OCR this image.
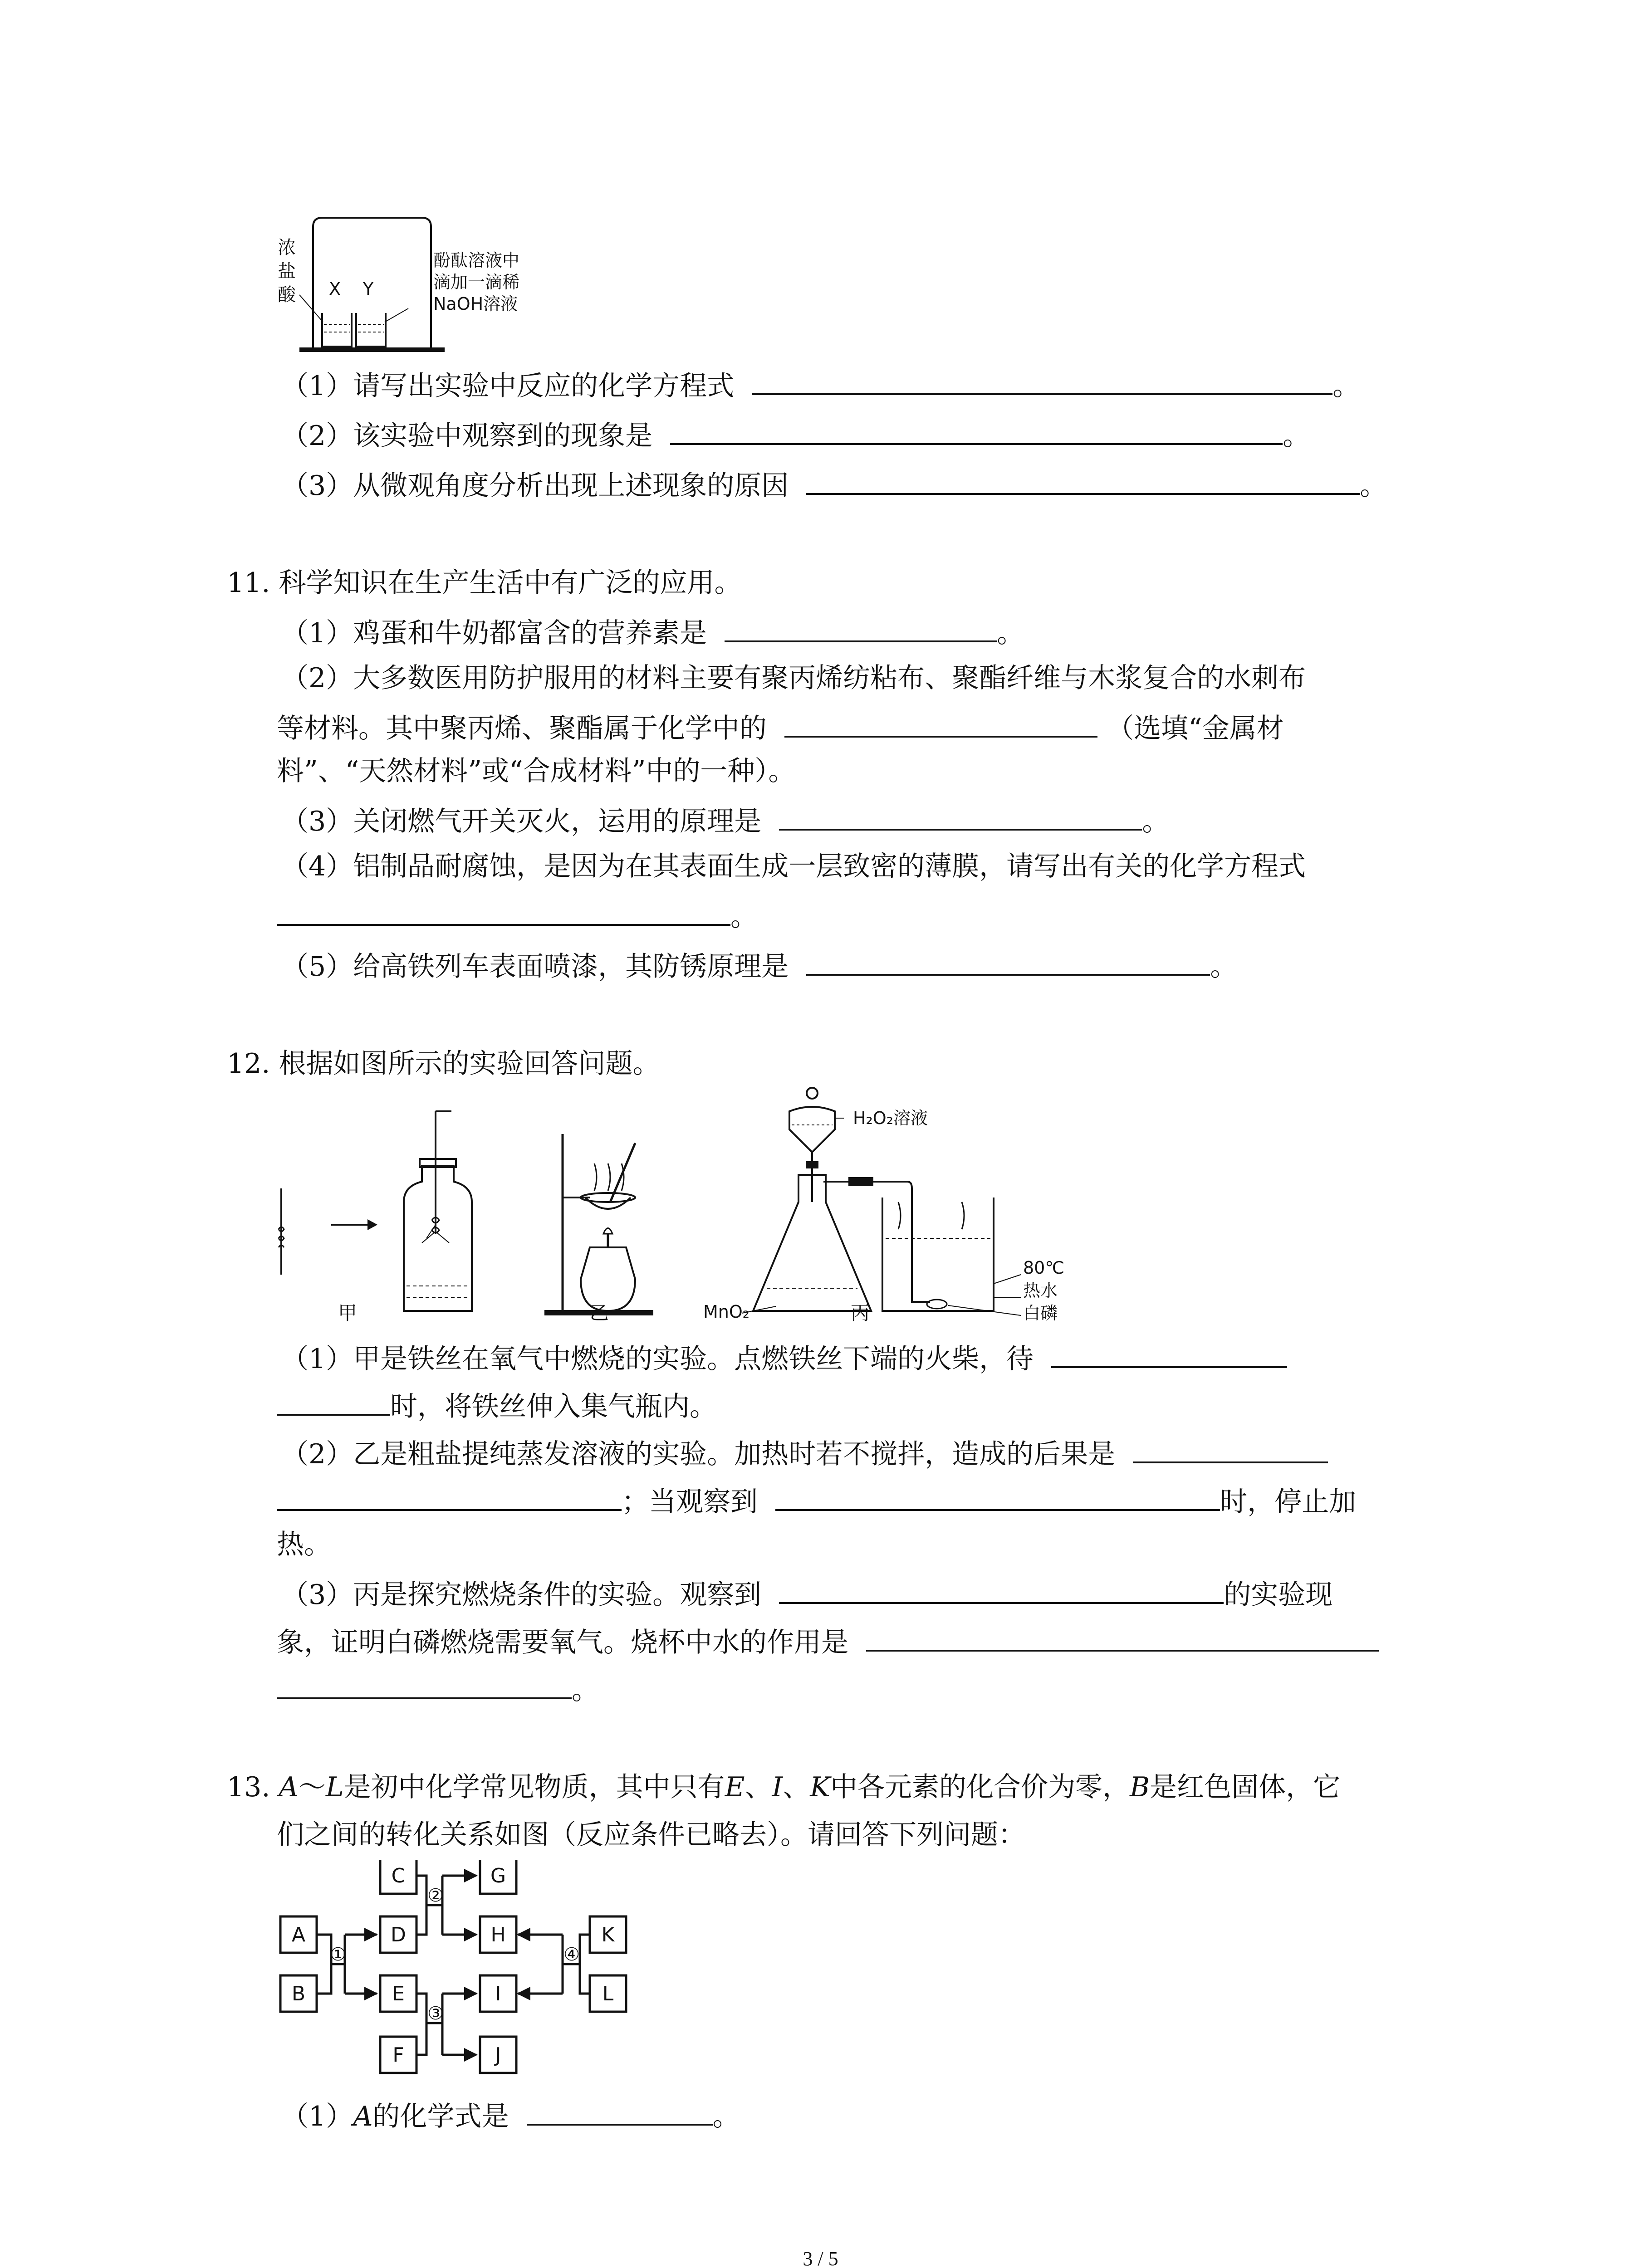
X Y
浓
盐
酸
酚酞溶液中
滴加一滴稀
NaOH溶液
（1）请写出实验中反应的化学方程式	。
（2）该实验中观察到的现象是	。
（3）从微观角度分析出现上述现象的原因	。
11. 科学知识在生产生活中有广泛的应用。
（1）鸡蛋和牛奶都富含的营养素是	。
（2）大多数医用防护服用的材料主要有聚丙烯纺粘布、聚酯纤维与木浆复合的水刺布
等材料。其中聚丙烯、聚酯属于化学中的	（选填“金属材
料”、“天然材料”或“合成材料”中的一种）。
（3）关闭燃气开关灭火，运用的原理是	。
（4）铝制品耐腐蚀，是因为在其表面生成一层致密的薄膜，请写出有关的化学方程式
。
（5）给高铁列车表面喷漆，其防锈原理是	。
12. 根据如图所示的实验回答问题。
H₂O₂溶液
MnO₂
80℃
热水
白磷
甲	乙	丙
（1）甲是铁丝在氧气中燃烧的实验。点燃铁丝下端的火柴，待
时，将铁丝伸入集气瓶内。
（2）乙是粗盐提纯蒸发溶液的实验。加热时若不搅拌，造成的后果是
；当观察到	时，停止加
热。
（3）丙是探究燃烧条件的实验。观察到	的实验现
象，证明白磷燃烧需要氧气。烧杯中水的作用是
。
13. A～L是初中化学常见物质，其中只有E、I、K中各元素的化合价为零，B是红色固体，它
们之间的转化关系如图（反应条件已略去）。请回答下列问题：
A
B
C
D
E
F
G
H
I
J
K
L
①
②
③
④
（1）A的化学式是	。
3 / 5
